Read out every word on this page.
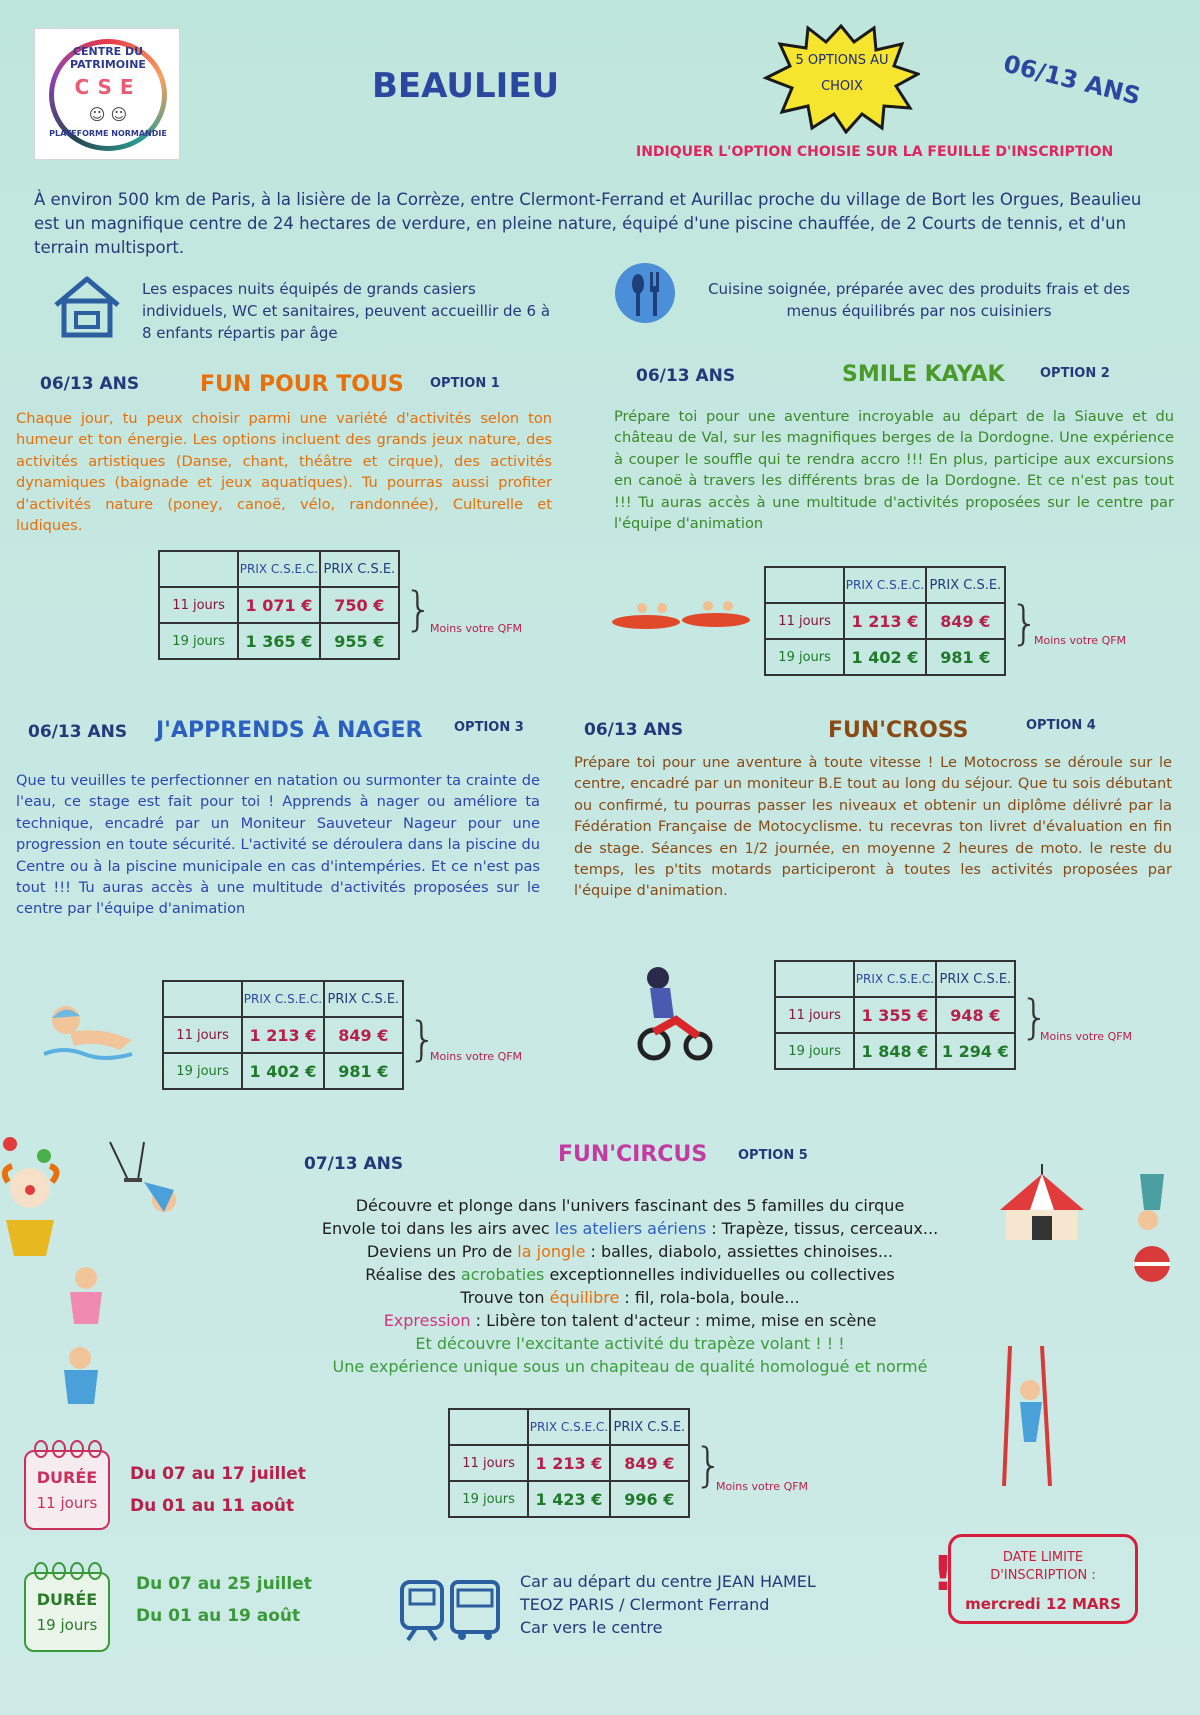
CENTRE DU PATRIMOINE
CSE
☺ ☺
PLATEFORME NORMANDIE
BEAULIEU
5 OPTIONS AU CHOIX	06/13 ANS
INDIQUER L'OPTION CHOISIE SUR LA FEUILLE D'INSCRIPTION
À environ 500 km de Paris, à la lisière de la Corrèze, entre Clermont-Ferrand et Aurillac proche du village de Bort les Orgues, Beaulieu est un magnifique centre de 24 hectares de verdure, en pleine nature, équipé d'une piscine chauffée, de 2 Courts de tennis, et d'un terrain multisport.
Les espaces nuits équipés de grands casiers individuels, WC et sanitaires, peuvent accueillir de 6 à 8 enfants répartis par âge
Cuisine soignée, préparée avec des produits frais et des menus équilibrés par nos cuisiniers
06/13 ANS	FUN POUR TOUS OPTION 1
Chaque jour, tu peux choisir parmi une variété d'activités selon ton humeur et ton énergie. Les options incluent des grands jeux nature, des activités artistiques (Danse, chant, théâtre et cirque), des activités dynamiques (baignade et jeux aquatiques). Tu pourras aussi profiter d'activités nature (poney, canoë, vélo, randonnée), Culturelle et ludiques.
	PRIX C.S.E.C.	PRIX C.S.E.
11 jours	1 071 €	750 €
19 jours	1 365 €	955 €
}
Moins votre QFM
06/13 ANS	SMILE KAYAK	OPTION 2
Prépare toi pour une aventure incroyable au départ de la Siauve et du château de Val, sur les magnifiques berges de la Dordogne. Une expérience à couper le souffle qui te rendra accro !!! En plus, participe aux excursions en canoë à travers les différents bras de la Dordogne. Et ce n'est pas tout !!! Tu auras accès à une multitude d'activités proposées sur le centre par l'équipe d'animation
	PRIX C.S.E.C.	PRIX C.S.E.
11 jours	1 213 €	849 €
19 jours	1 402 €	981 €
}
Moins votre QFM
06/13 ANS J'APPRENDS À NAGER OPTION 3
Que tu veuilles te perfectionner en natation ou surmonter ta crainte de l'eau, ce stage est fait pour toi ! Apprends à nager ou améliore ta technique, encadré par un Moniteur Sauveteur Nageur pour une progression en toute sécurité. L'activité se déroulera dans la piscine du Centre ou à la piscine municipale en cas d'intempéries. Et ce n'est pas tout !!! Tu auras accès à une multitude d'activités proposées sur le centre par l'équipe d'animation
	PRIX C.S.E.C.	PRIX C.S.E.
11 jours	1 213 €	849 €
19 jours	1 402 €	981 €
}
Moins votre QFM
06/13 ANS	FUN'CROSS	OPTION 4
Prépare toi pour une aventure à toute vitesse ! Le Motocross se déroule sur le centre, encadré par un moniteur B.E tout au long du séjour. Que tu sois débutant ou confirmé, tu pourras passer les niveaux et obtenir un diplôme délivré par la Fédération Française de Motocyclisme. tu recevras ton livret d'évaluation en fin de stage. Séances en 1/2 journée, en moyenne 2 heures de moto. le reste du temps, les p'tits motards participeront à toutes les activités proposées par l'équipe d'animation.
	PRIX C.S.E.C.	PRIX C.S.E.
11 jours	1 355 €	948 €
19 jours	1 848 €	1 294 €
}
Moins votre QFM
07/13 ANS	FUN'CIRCUS OPTION 5
Découvre et plonge dans l'univers fascinant des 5 familles du cirque
Envole toi dans les airs avec les ateliers aériens : Trapèze, tissus, cerceaux...
Deviens un Pro de la jongle : balles, diabolo, assiettes chinoises...
Réalise des acrobaties exceptionnelles individuelles ou collectives
Trouve ton équilibre : fil, rola-bola, boule...
Expression : Libère ton talent d'acteur : mime, mise en scène
Et découvre l'excitante activité du trapèze volant ! ! !
Une expérience unique sous un chapiteau de qualité homologué et normé
	PRIX C.S.E.C.	PRIX C.S.E.
11 jours	1 213 €	849 €
19 jours	1 423 €	996 €
}
Moins votre QFM
DURÉE
11 jours
Du 07 au 17 juillet
Du 01 au 11 août
DURÉE
19 jours
Du 07 au 25 juillet
Du 01 au 19 août
Car au départ du centre JEAN HAMEL
TEOZ PARIS / Clermont Ferrand
Car vers le centre
!	DATE LIMITE
D'INSCRIPTION :
mercredi 12 MARS
